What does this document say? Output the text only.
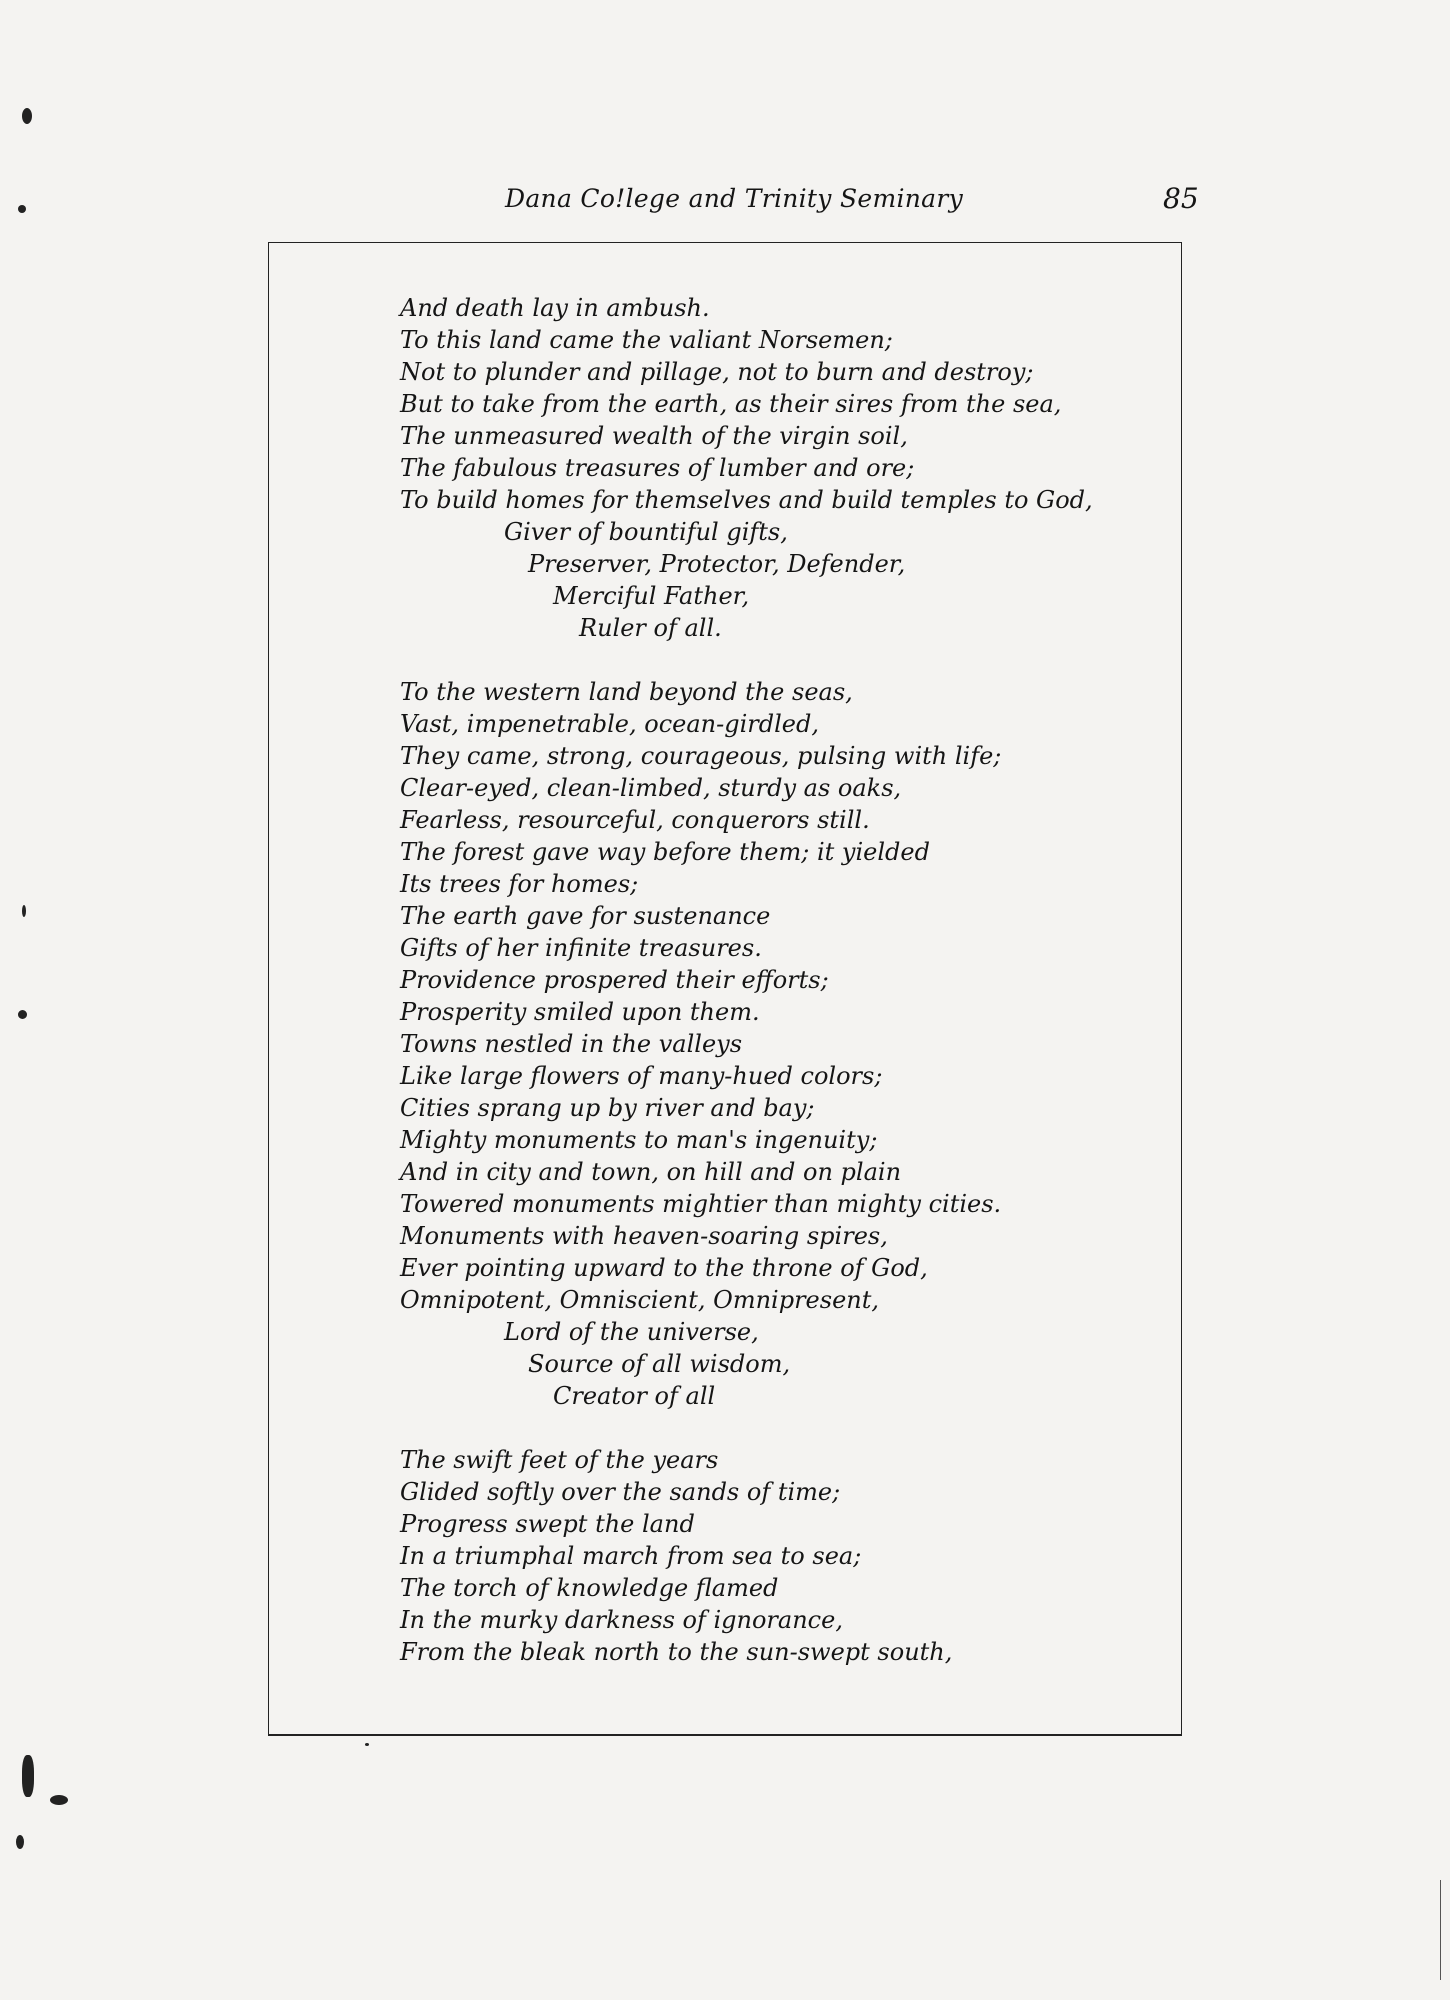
Dana Co!lege and Trinity Seminary	85
And death lay in ambush.
To this land came the valiant Norsemen;
Not to plunder and pillage, not to burn and destroy;
But to take from the earth, as their sires from the sea,
The unmeasured wealth of the virgin soil,
The fabulous treasures of lumber and ore;
To build homes for themselves and build temples to God,
Giver of bountiful gifts,
Preserver, Protector, Defender,
Merciful Father,
Ruler of all.
To the western land beyond the seas,
Vast, impenetrable, ocean-girdled,
They came, strong, courageous, pulsing with life;
Clear-eyed, clean-limbed, sturdy as oaks,
Fearless, resourceful, conquerors still.
The forest gave way before them; it yielded
Its trees for homes;
The earth gave for sustenance
Gifts of her infinite treasures.
Providence prospered their efforts;
Prosperity smiled upon them.
Towns nestled in the valleys
Like large flowers of many-hued colors;
Cities sprang up by river and bay;
Mighty monuments to man's ingenuity;
And in city and town, on hill and on plain
Towered monuments mightier than mighty cities.
Monuments with heaven-soaring spires,
Ever pointing upward to the throne of God,
Omnipotent, Omniscient, Omnipresent,
Lord of the universe,
Source of all wisdom,
Creator of all
The swift feet of the years
Glided softly over the sands of time;
Progress swept the land
In a triumphal march from sea to sea;
The torch of knowledge flamed
In the murky darkness of ignorance,
From the bleak north to the sun-swept south,
